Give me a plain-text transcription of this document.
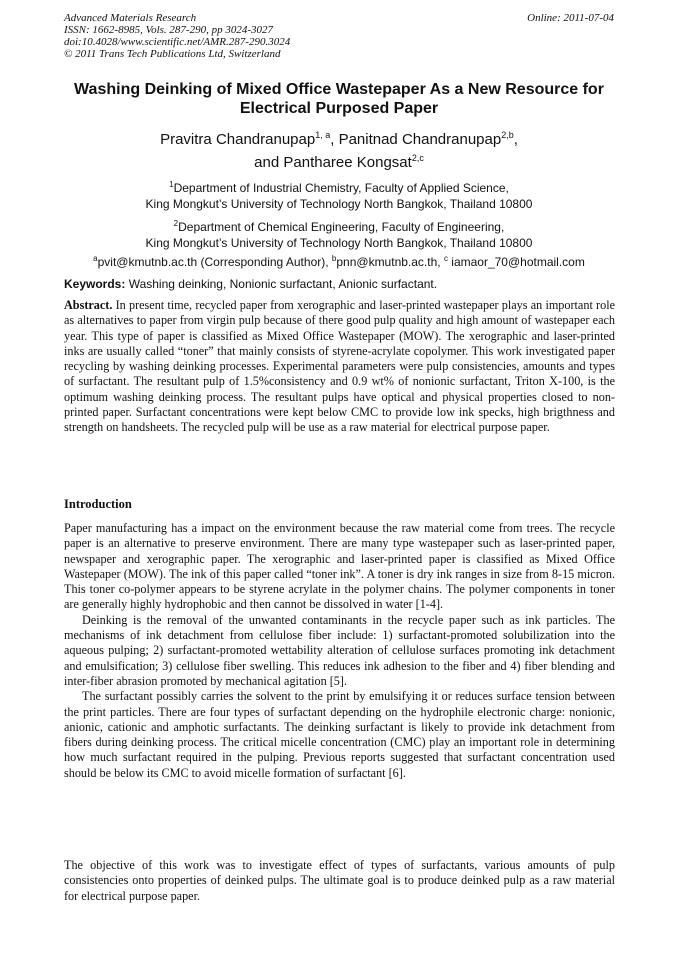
Advanced Materials Research
ISSN: 1662-8985, Vols. 287-290, pp 3024-3027
doi:10.4028/www.scientific.net/AMR.287-290.3024
© 2011 Trans Tech Publications Ltd, Switzerland
Online: 2011-07-04
Washing Deinking of Mixed Office Wastepaper As a New Resource for
Electrical Purposed Paper
Pravitra Chandranupap$^{1, a}$, Panitnad Chandranupap$^{2,b}$,
and Pantharee Kongsat$^{2,c}$
$^1$Department of Industrial Chemistry, Faculty of Applied Science,
King Mongkut’s University of Technology North Bangkok, Thailand 10800
$^2$Department of Chemical Engineering, Faculty of Engineering,
King Mongkut’s University of Technology North Bangkok, Thailand 10800
$^a$pvit@kmutnb.ac.th (Corresponding Author), $^b$pnn@kmutnb.ac.th, $^c$ iamaor_70@hotmail.com
Keywords: Washing deinking, Nonionic surfactant, Anionic surfactant.
Abstract. In present time, recycled paper from xerographic and laser-printed wastepaper plays an important role as alternatives to paper from virgin pulp because of there good pulp quality and high amount of wastepaper each year. This type of paper is classified as Mixed Office Wastepaper (MOW). The xerographic and laser-printed inks are usually called “toner” that mainly consists of styrene-acrylate copolymer. This work investigated paper recycling by washing deinking processes. Experimental parameters were pulp consistencies, amounts and types of surfactant. The resultant pulp of 1.5%consistency and 0.9 wt% of nonionic surfactant, Triton X-100, is the optimum washing deinking process. The resultant pulps have optical and physical properties closed to non-printed paper. Surfactant concentrations were kept below CMC to provide low ink specks, high brigthness and strength on handsheets. The recycled pulp will be use as a raw material for electrical purpose paper.
Introduction

Paper manufacturing has a impact on the environment because the raw material come from trees. The recycle paper is an alternative to preserve environment. There are many type wastepaper such as laser-printed paper, newspaper and xerographic paper. The xerographic and laser-printed paper is classified as Mixed Office Wastepaper (MOW). The ink of this paper called “toner ink”. A toner is dry ink ranges in size from 8-15 micron. This toner co-polymer appears to be styrene acrylate in the polymer chains. The polymer components in toner are generally highly hydrophobic and then cannot be dissolved in water [1-4].

Deinking is the removal of the unwanted contaminants in the recycle paper such as ink particles. The mechanisms of ink detachment from cellulose fiber include: 1) surfactant-promoted solubilization into the aqueous pulping; 2) surfactant-promoted wettability alteration of cellulose surfaces promoting ink detachment and emulsification; 3) cellulose fiber swelling. This reduces ink adhesion to the fiber and 4) fiber blending and inter-fiber abrasion promoted by mechanical agitation [5].

The surfactant possibly carries the solvent to the print by emulsifying it or reduces surface tension between the print particles. There are four types of surfactant depending on the hydrophile electronic charge: nonionic, anionic, cationic and amphotic surfactants. The deinking surfactant is likely to provide ink detachment from fibers during deinking process. The critical micelle concentration (CMC) play an important role in determining how much surfactant required in the pulping. Previous reports suggested that surfactant concentration used should be below its CMC to avoid micelle formation of surfactant [6].

The objective of this work was to investigate effect of types of surfactants, various amounts of pulp consistencies onto properties of deinked pulps. The ultimate goal is to produce deinked pulp as a raw material for electrical purpose paper.
